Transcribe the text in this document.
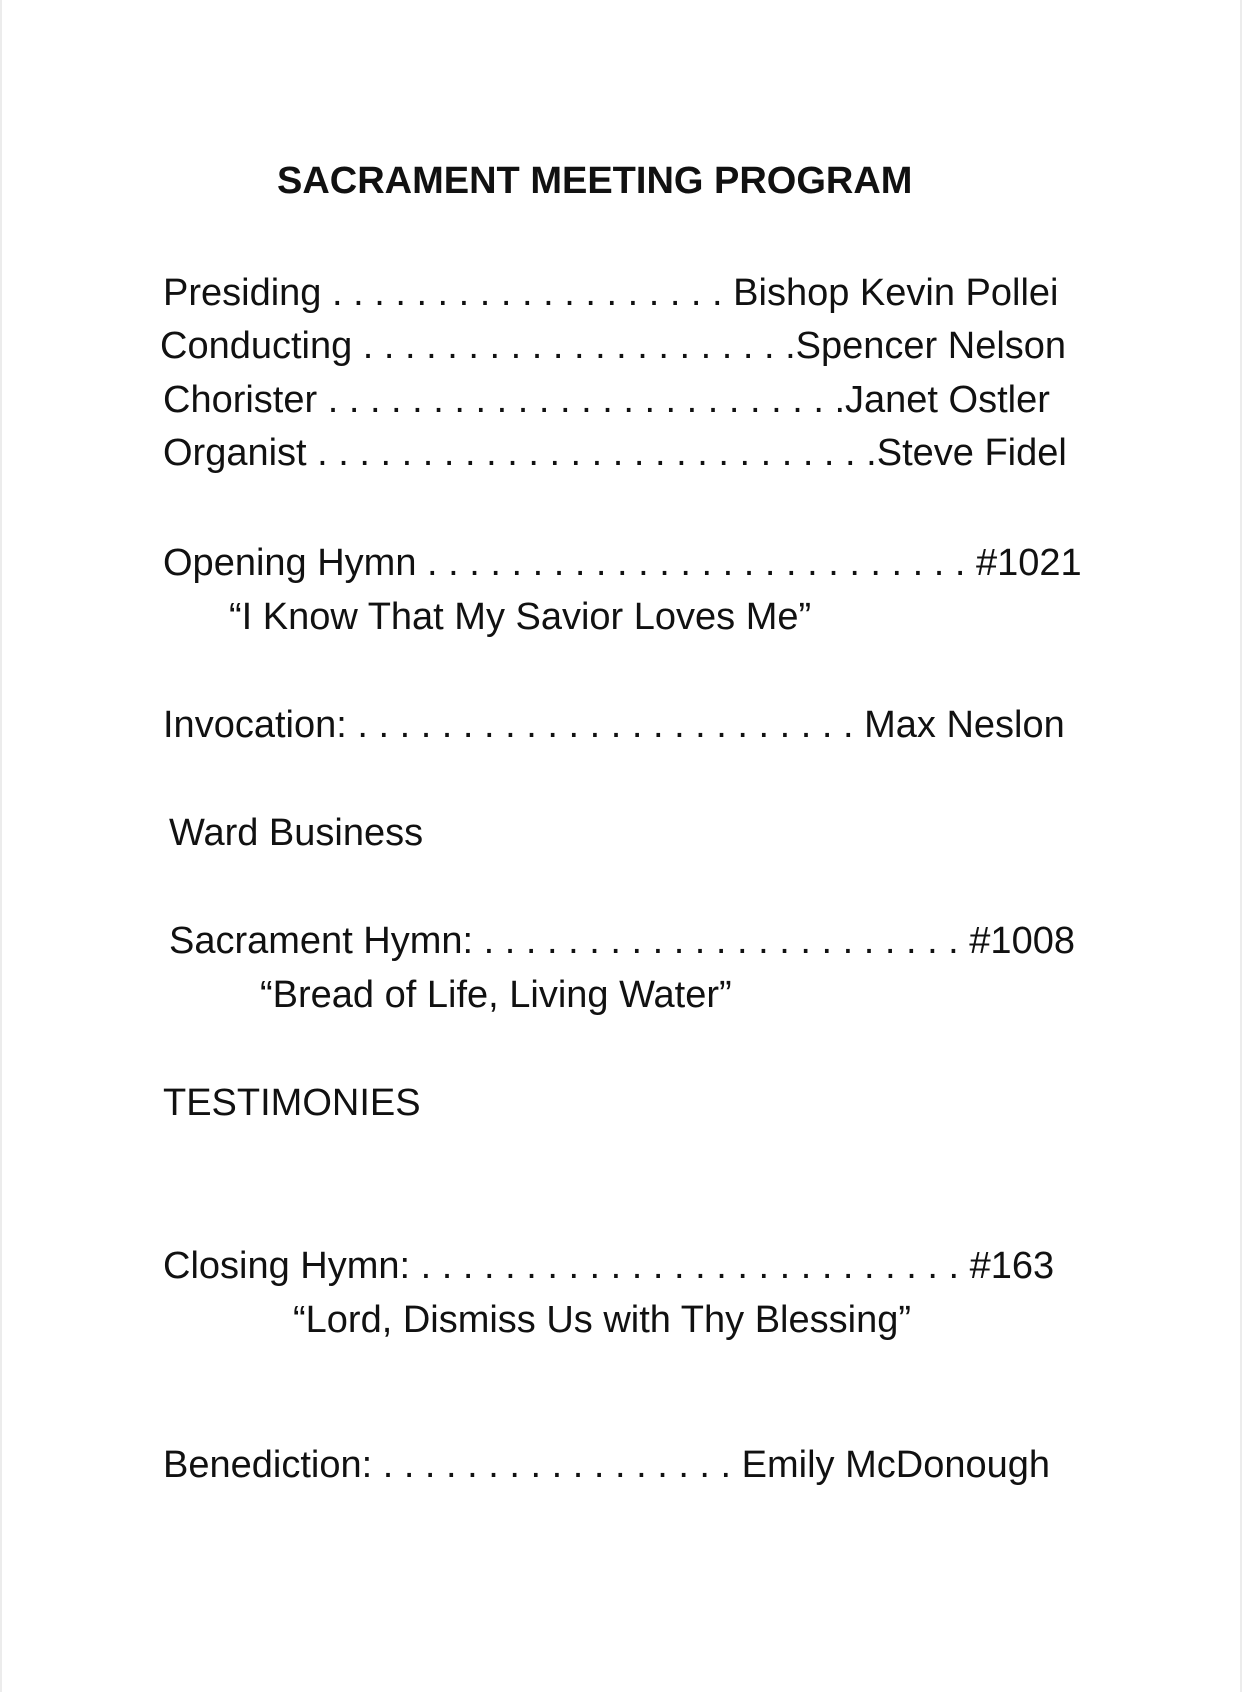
SACRAMENT MEETING PROGRAM
Presiding . . . . . . . . . . . . . . . . . . . Bishop Kevin Pollei
Conducting . . . . . . . . . . . . . . . . . . . . .Spencer Nelson
Chorister . . . . . . . . . . . . . . . . . . . . . . . . .Janet Ostler
Organist . . . . . . . . . . . . . . . . . . . . . . . . . . .Steve Fidel
Opening Hymn . . . . . . . . . . . . . . . . . . . . . . . . . . #1021
“I Know That My Savior Loves Me”
Invocation: . . . . . . . . . . . . . . . . . . . . . . . . Max Neslon
Ward Business
Sacrament Hymn: . . . . . . . . . . . . . . . . . . . . . . . #1008
“Bread of Life, Living Water”
TESTIMONIES
Closing Hymn: . . . . . . . . . . . . . . . . . . . . . . . . . . #163
“Lord, Dismiss Us with Thy Blessing”
Benediction: . . . . . . . . . . . . . . . . . Emily McDonough
